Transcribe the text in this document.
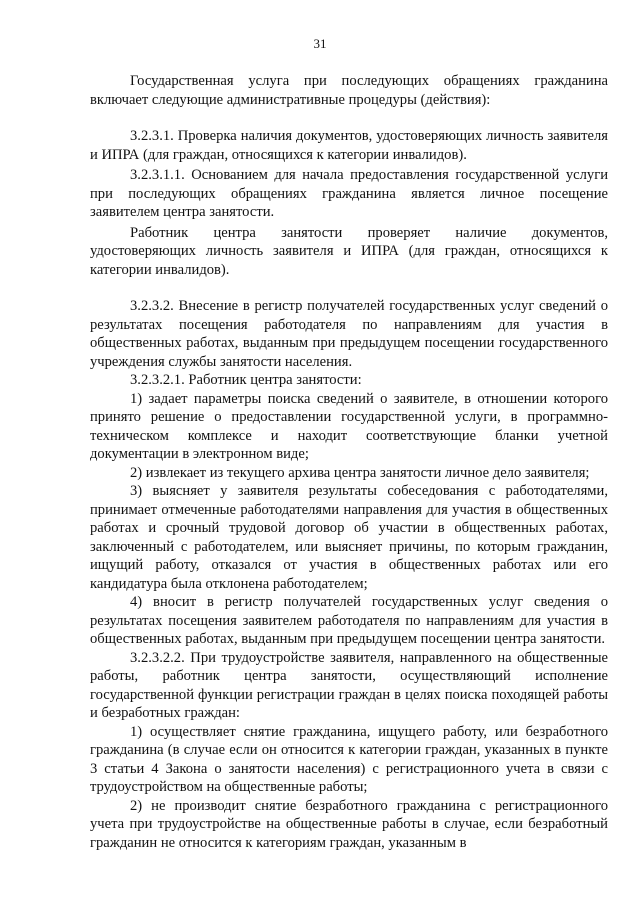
31

Государственная услуга при последующих обращениях гражданина включает следующие административные процедуры (действия):

3.2.3.1. Проверка наличия документов, удостоверяющих личность заявителя и ИПРА (для граждан, относящихся к категории инвалидов).

3.2.3.1.1. Основанием для начала предоставления государственной услуги при последующих обращениях гражданина является личное посещение заявителем центра занятости.

Работник центра занятости проверяет наличие документов, удостоверяющих личность заявителя и ИПРА (для граждан, относящихся к категории инвалидов).

3.2.3.2. Внесение в регистр получателей государственных услуг сведений о результатах посещения работодателя по направлениям для участия в общественных работах, выданным при предыдущем посещении государственного учреждения службы занятости населения.

3.2.3.2.1. Работник центра занятости:

1) задает параметры поиска сведений о заявителе, в отношении которого принято решение о предоставлении государственной услуги, в программно-техническом комплексе и находит соответствующие бланки учетной документации в электронном виде;

2) извлекает из текущего архива центра занятости личное дело заявителя;

3) выясняет у заявителя результаты собеседования с работодателями, принимает отмеченные работодателями направления для участия в общественных работах и срочный трудовой договор об участии в общественных работах, заключенный с работодателем, или выясняет причины, по которым гражданин, ищущий работу, отказался от участия в общественных работах или его кандидатура была отклонена работодателем;

4) вносит в регистр получателей государственных услуг сведения о результатах посещения заявителем работодателя по направлениям для участия в общественных работах, выданным при предыдущем посещении центра занятости.

3.2.3.2.2. При трудоустройстве заявителя, направленного на общественные работы, работник центра занятости, осуществляющий исполнение государственной функции регистрации граждан в целях поиска походящей работы и безработных граждан:

1) осуществляет снятие гражданина, ищущего работу, или безработного гражданина (в случае если он относится к категории граждан, указанных в пункте 3 статьи 4 Закона о занятости населения) с регистрационного учета в связи с трудоустройством на общественные работы;

2) не производит снятие безработного гражданина с регистрационного учета при трудоустройстве на общественные работы в случае, если безработный гражданин не относится к категориям граждан, указанным в
